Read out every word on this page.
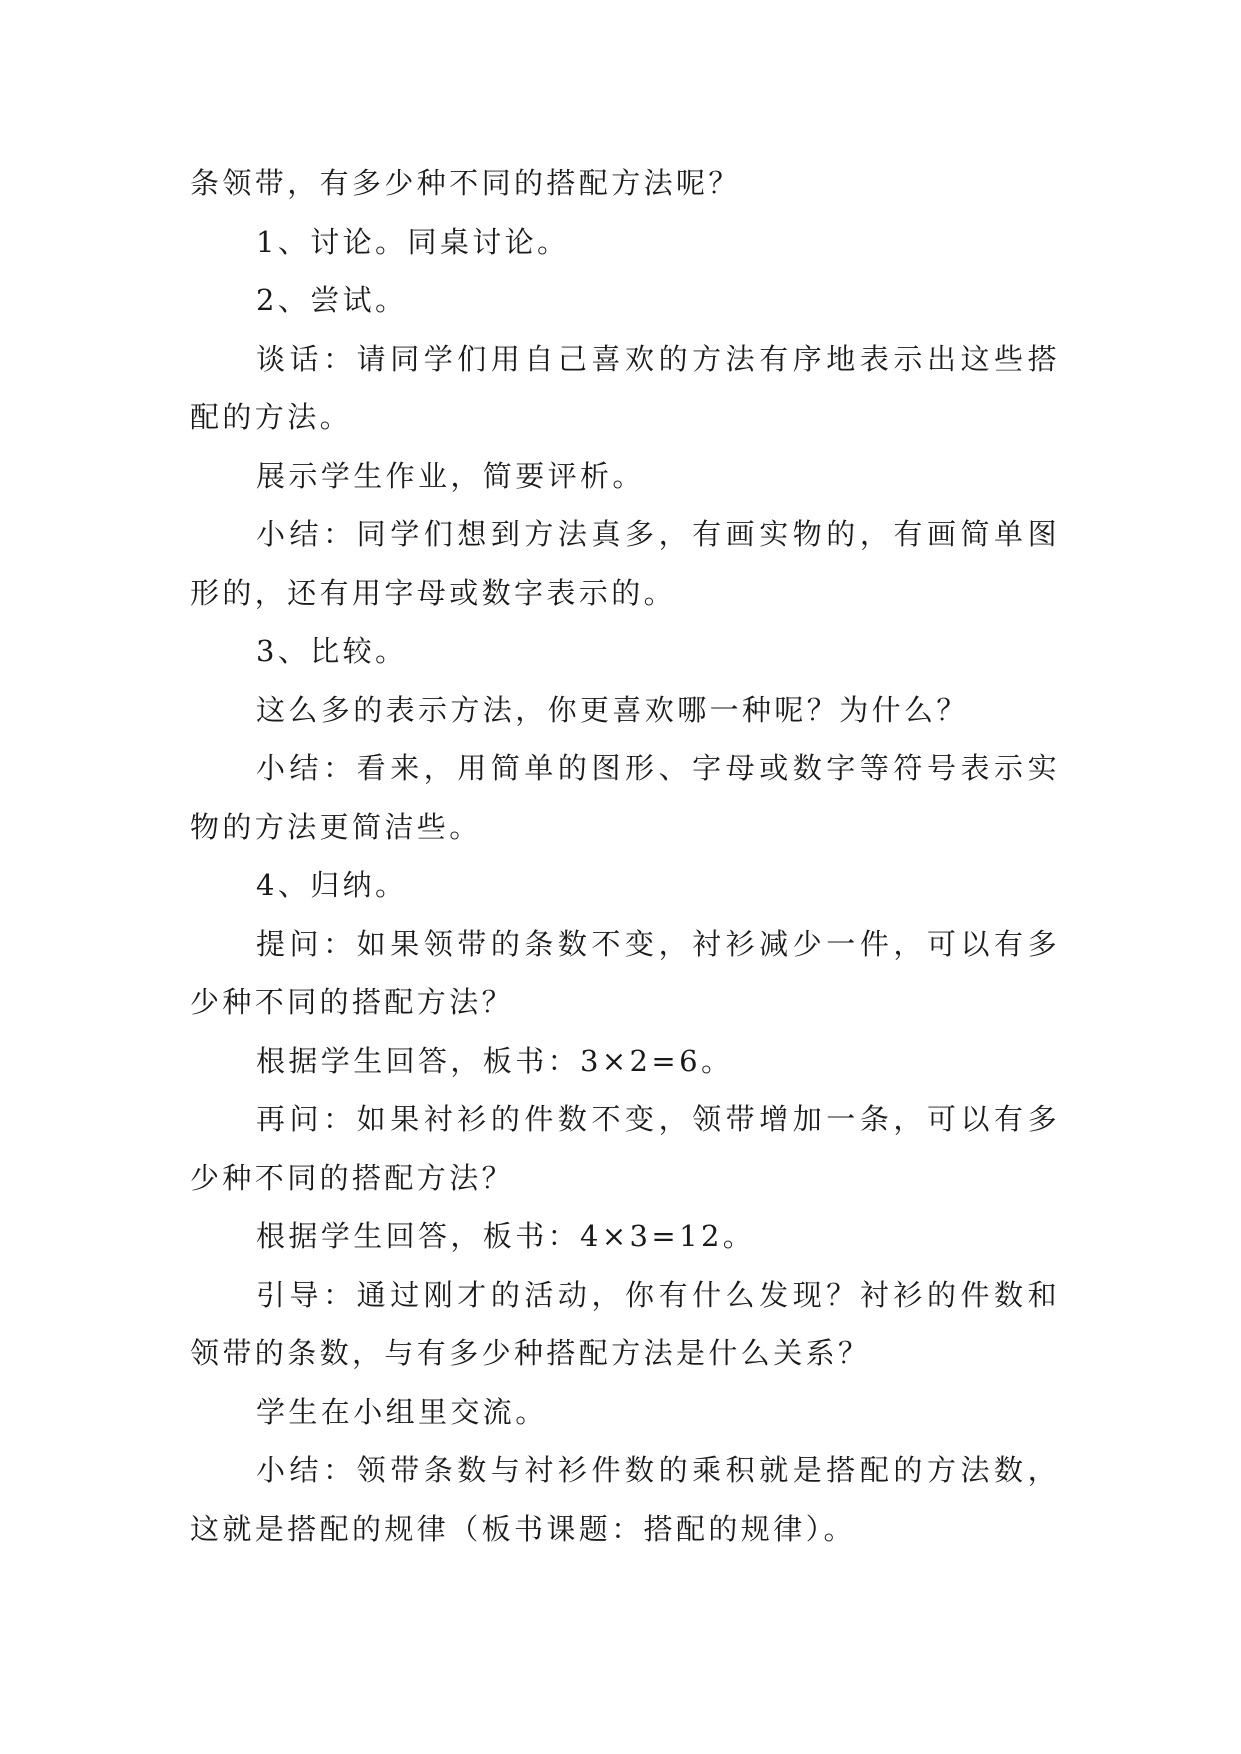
条领带，有多少种不同的搭配方法呢？

1、讨论。同桌讨论。

2、尝试。

谈话：请同学们用自己喜欢的方法有序地表示出这些搭配的方法。

展示学生作业，简要评析。

小结：同学们想到方法真多，有画实物的，有画简单图形的，还有用字母或数字表示的。

3、比较。

这么多的表示方法，你更喜欢哪一种呢？为什么？

小结：看来，用简单的图形、字母或数字等符号表示实物的方法更简洁些。

4、归纳。

提问：如果领带的条数不变，衬衫减少一件，可以有多少种不同的搭配方法？

根据学生回答，板书：3×2=6。

再问：如果衬衫的件数不变，领带增加一条，可以有多少种不同的搭配方法？

根据学生回答，板书：4×3=12。

引导：通过刚才的活动，你有什么发现？衬衫的件数和领带的条数，与有多少种搭配方法是什么关系？

学生在小组里交流。

小结：领带条数与衬衫件数的乘积就是搭配的方法数，这就是搭配的规律（板书课题：搭配的规律）。
